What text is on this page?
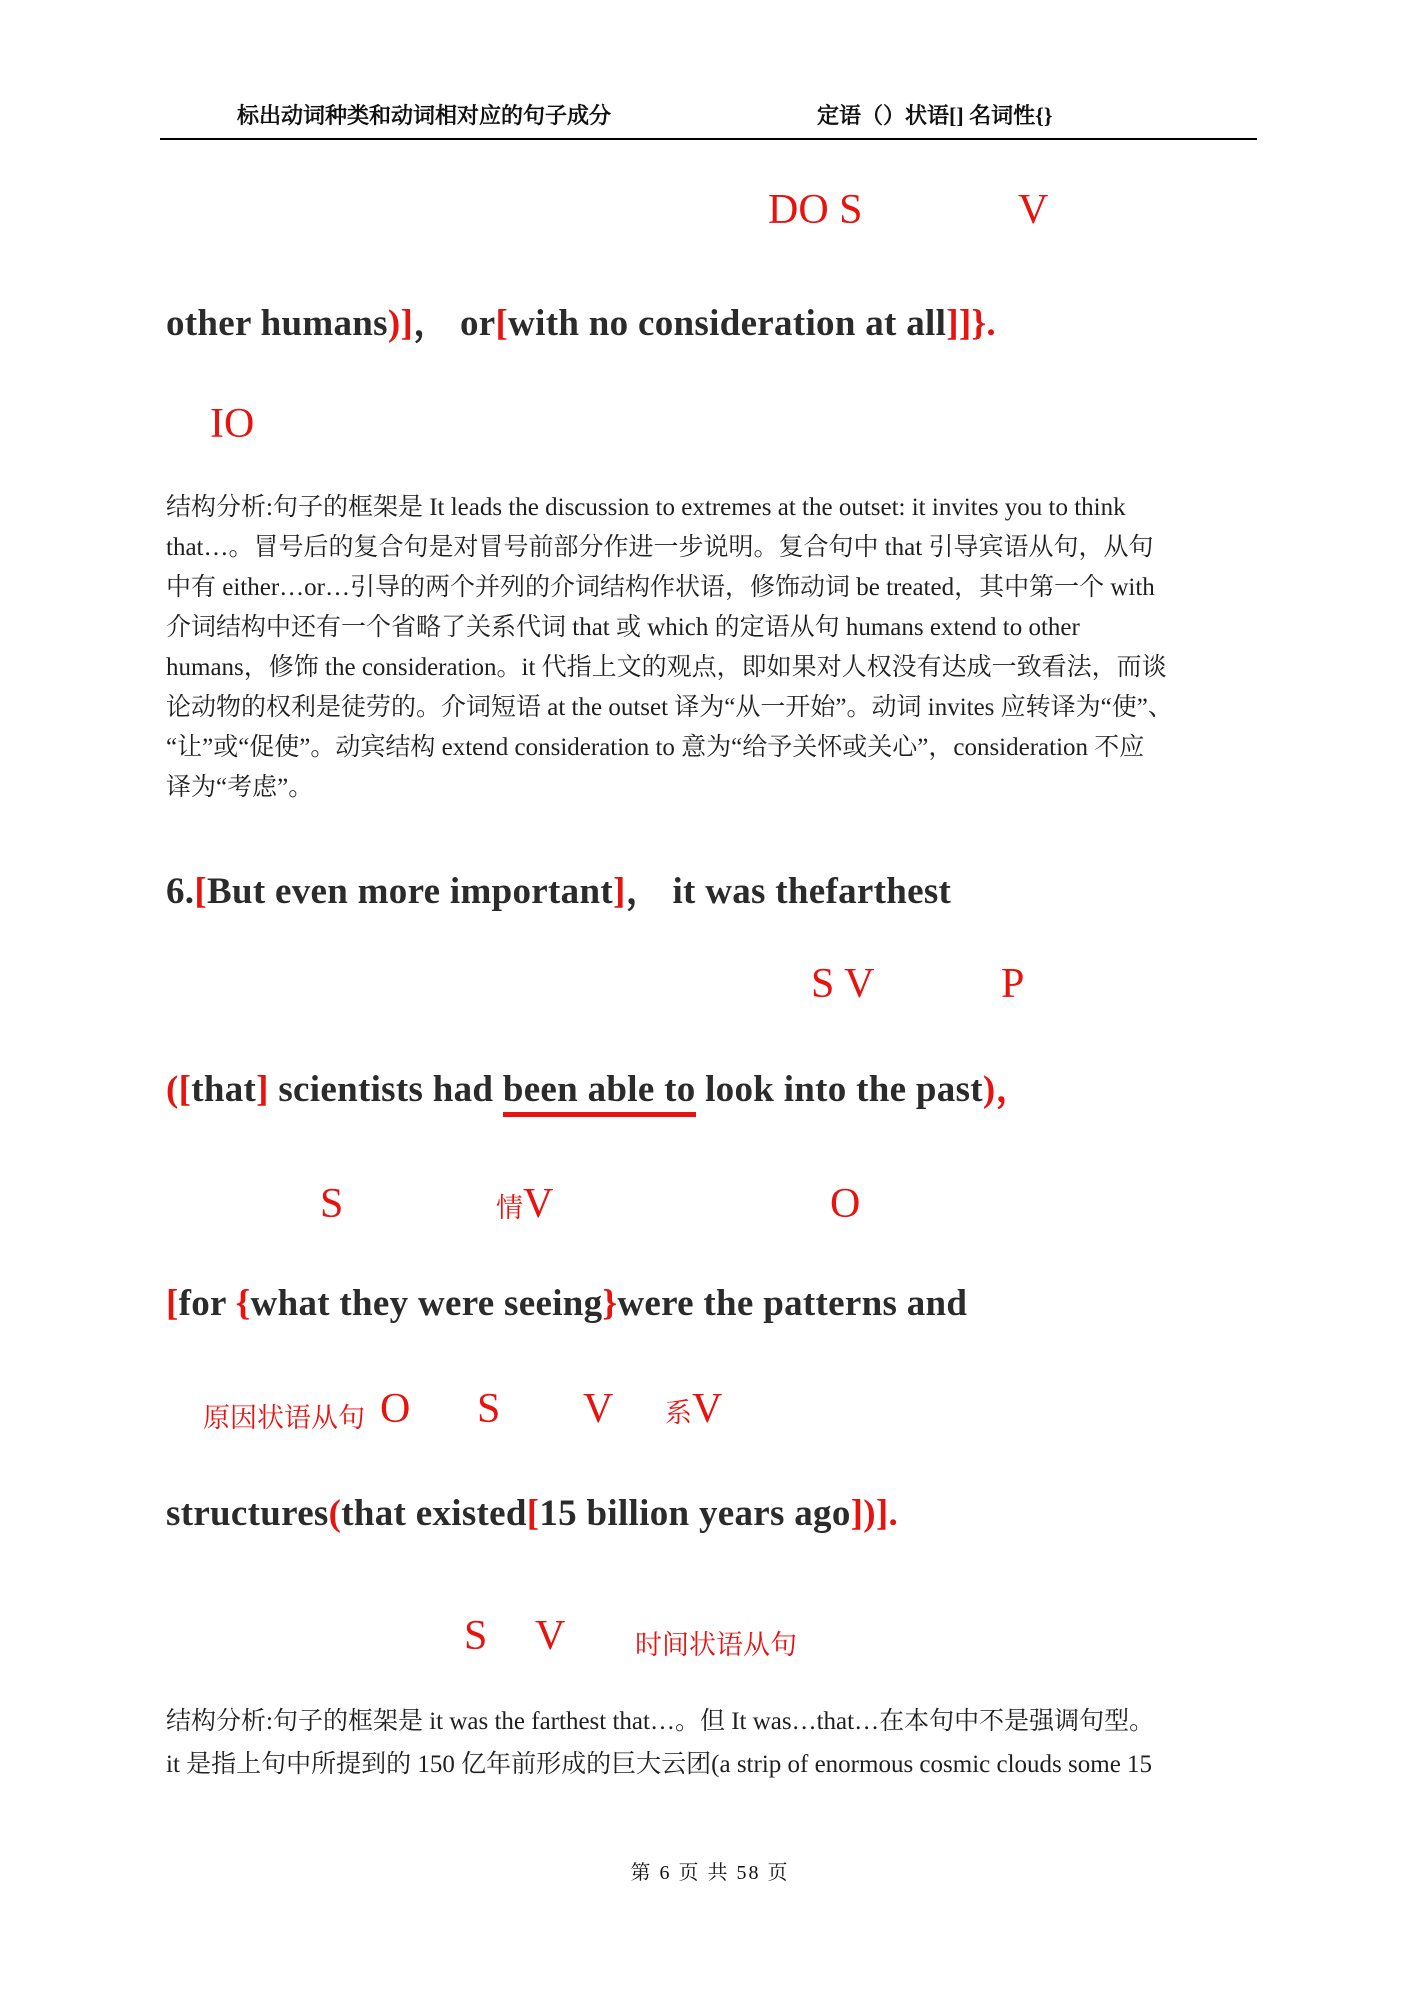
标出动词种类和动词相对应的句子成分	定语（）状语[] 名词性{}
DO S	V
other humans)]， or[with no consideration at all]]}.
IO
结构分析:句子的框架是 It leads the discussion to extremes at the outset: it invites you to think
that…。冒号后的复合句是对冒号前部分作进一步说明。复合句中 that 引导宾语从句，从句
中有 either…or…引导的两个并列的介词结构作状语，修饰动词 be treated，其中第一个 with
介词结构中还有一个省略了关系代词 that 或 which 的定语从句 humans extend to other
humans，修饰 the consideration。it 代指上文的观点，即如果对人权没有达成一致看法，而谈
论动物的权利是徒劳的。介词短语 at the outset 译为“从一开始”。动词 invites 应转译为“使”、
“让”或“促使”。动宾结构 extend consideration to 意为“给予关怀或关心”，consideration 不应
译为“考虑”。
6.[But even more important]， it was thefarthest
S V	P
([that] scientists had been able to look into the past)，
S	情V	O
[for {what they were seeing}were the patterns and
原因状语从句 O S V 系V
structures(that existed[15 billion years ago])].
S V	时间状语从句
结构分析:句子的框架是 it was the farthest that…。但 It was…that…在本句中不是强调句型。
it 是指上句中所提到的 150 亿年前形成的巨大云团(a strip of enormous cosmic clouds some 15
第 6 页 共 58 页
